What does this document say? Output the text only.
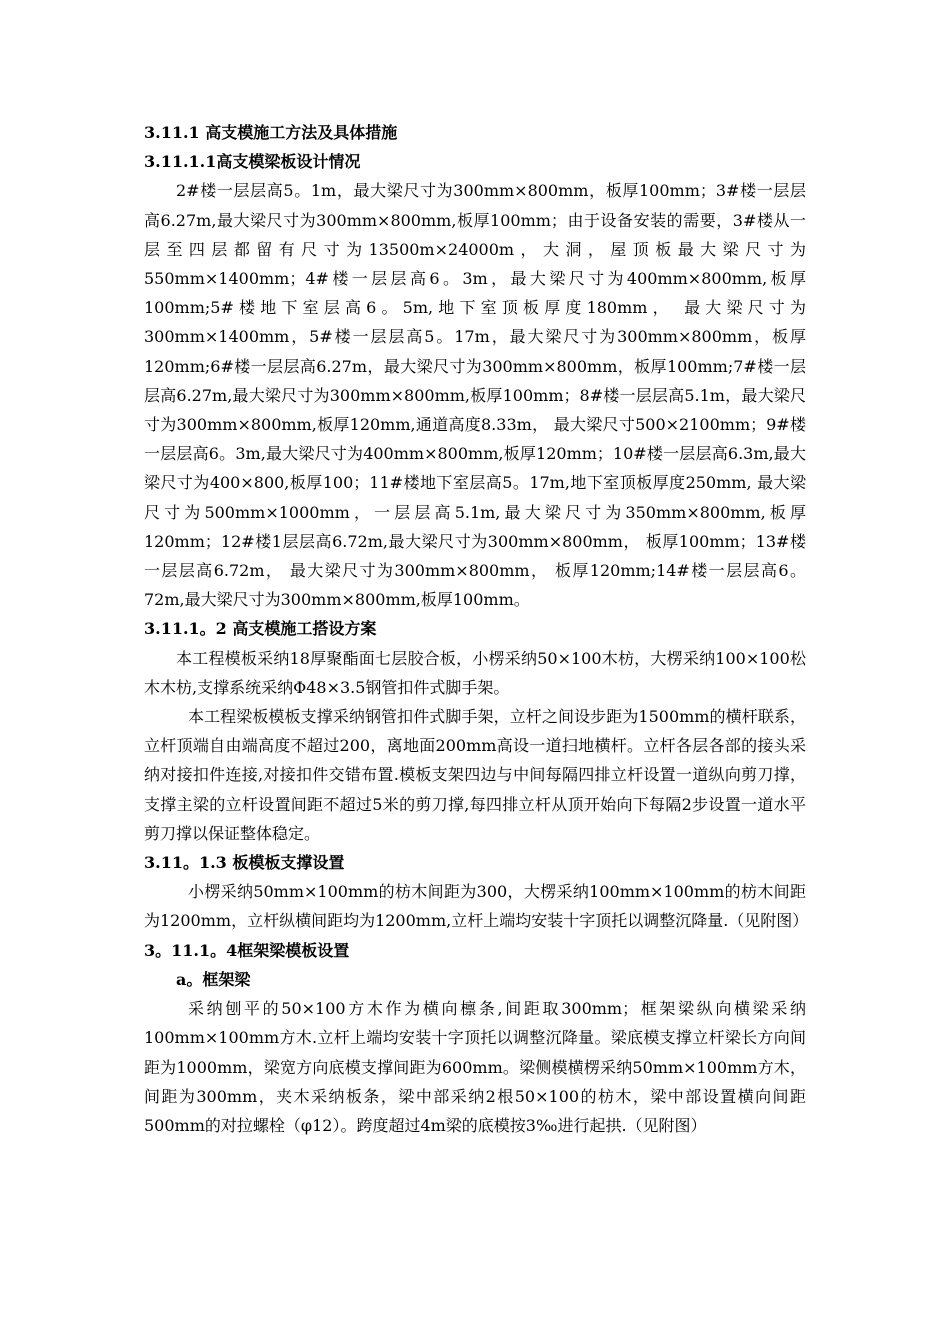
3.11.1 高支模施工方法及具体措施

3.11.1.1高支模梁板设计情况

2#楼一层层高5。1m，最大梁尺寸为300mm×800mm，板厚100mm；3#楼一层层高6.27m,最大梁尺寸为300mm×800mm,板厚100mm；由于设备安装的需要，3#楼从一层至四层都留有尺寸为13500m×24000m，大洞，屋顶板最大梁尺寸为550mm×1400mm；4#楼一层层高6。3m，最大梁尺寸为400mm×800mm,板厚100mm;5#楼地下室层高6。5m,地下室顶板厚度180mm， 最大梁尺寸为300mm×1400mm，5#楼一层层高5。17m，最大梁尺寸为300mm×800mm，板厚120mm;6#楼一层层高6.27m，最大梁尺寸为300mm×800mm，板厚100mm;7#楼一层层高6.27m,最大梁尺寸为300mm×800mm,板厚100mm；8#楼一层层高5.1m，最大梁尺寸为300mm×800mm,板厚120mm,通道高度8.33m， 最大梁尺寸500×2100mm；9#楼一层层高6。3m,最大梁尺寸为400mm×800mm,板厚120mm；10#楼一层层高6.3m,最大梁尺寸为400×800,板厚100；11#楼地下室层高5。17m,地下室顶板厚度250mm, 最大梁尺寸为500mm×1000mm，一层层高5.1m,最大梁尺寸为350mm×800mm,板厚120mm；12#楼1层层高6.72m,最大梁尺寸为300mm×800mm， 板厚100mm；13#楼一层层高6.72m， 最大梁尺寸为300mm×800mm， 板厚120mm;14#楼一层层高6。72m,最大梁尺寸为300mm×800mm,板厚100mm。

3.11.1。2 高支模施工搭设方案

本工程模板采纳18厚聚酯面七层胶合板，小楞采纳50×100木枋，大楞采纳100×100松木木枋,支撑系统采纳Φ48×3.5钢管扣件式脚手架。

本工程梁板模板支撑采纳钢管扣件式脚手架，立杆之间设步距为1500mm的横杆联系，立杆顶端自由端高度不超过200，离地面200mm高设一道扫地横杆。立杆各层各部的接头采纳对接扣件连接,对接扣件交错布置.模板支架四边与中间每隔四排立杆设置一道纵向剪刀撑，支撑主梁的立杆设置间距不超过5米的剪刀撑,每四排立杆从顶开始向下每隔2步设置一道水平剪刀撑以保证整体稳定。

3.11。1.3 板模板支撑设置

小楞采纳50mm×100mm的枋木间距为300，大楞采纳100mm×100mm的枋木间距为1200mm，立杆纵横间距均为1200mm,立杆上端均安装十字顶托以调整沉降量.（见附图）

3。11.1。4框架梁模板设置

a。框架梁

采纳刨平的50×100方木作为横向檩条,间距取300mm；框架梁纵向横梁采纳100mm×100mm方木.立杆上端均安装十字顶托以调整沉降量。梁底模支撑立杆梁长方向间距为1000mm，梁宽方向底模支撑间距为600mm。梁侧模横楞采纳50mm×100mm方木，间距为300mm，夹木采纳板条，梁中部采纳2根50×100的枋木，梁中部设置横向间距500mm的对拉螺栓（φ12）。跨度超过4m梁的底模按3‰进行起拱.（见附图）
